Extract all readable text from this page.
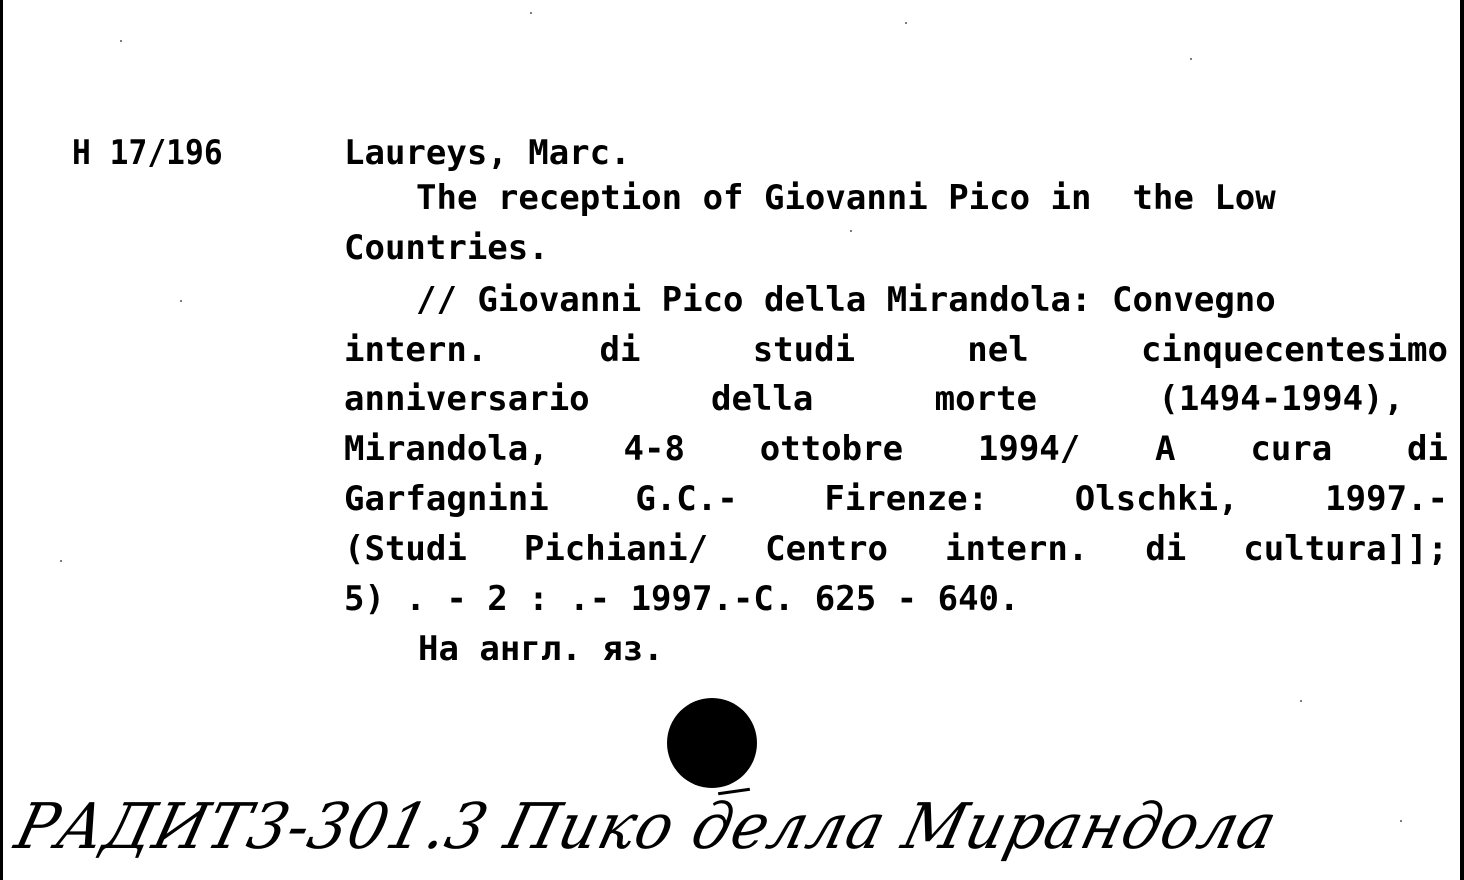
H 17/196	Laureys, Marc.
The reception of Giovanni Pico in  the Low
Countries.
// Giovanni Pico della Mirandola: Convegno
intern. di studi nel cinquecentesimo
anniversario della morte (1494-1994),
Mirandola, 4-8 ottobre 1994/ A cura di
Garfagnini G.C.- Firenze: Olschki, 1997.-
(Studi Pichiani/ Centro intern. di cultura]];
5) . - 2 : .- 1997.-C. 625 - 640.
На англ. яз.
РАДИТ3-301.3 Пико делла Мирандола
